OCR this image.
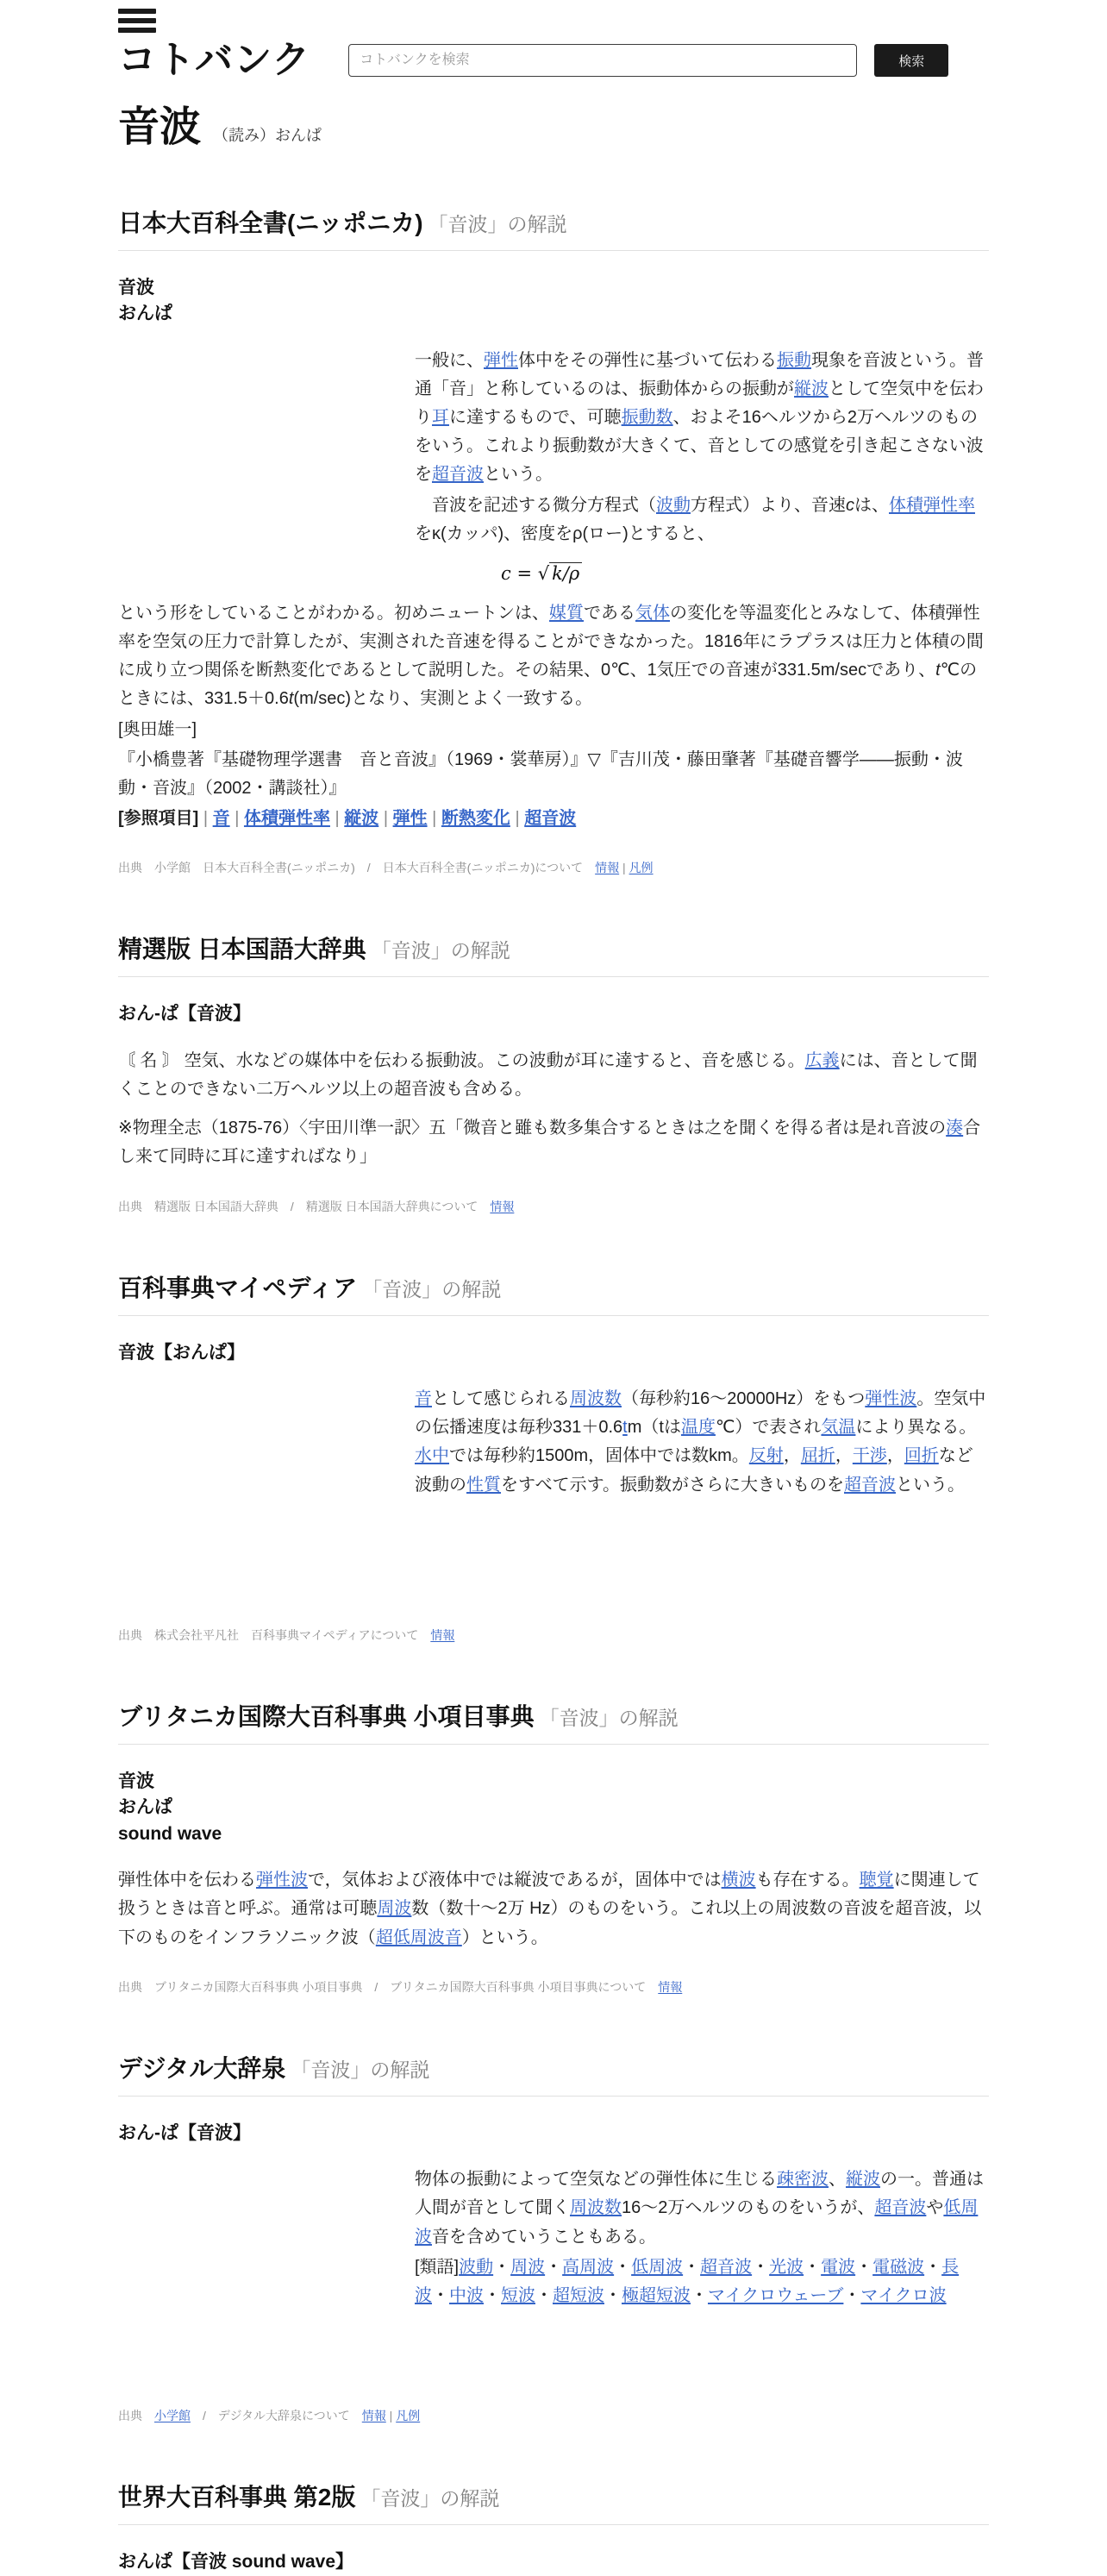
コトバンク
コトバンクを検索	検索
音波 （読み）おんぱ
日本大百科全書(ニッポニカ) 「音波」の解説
音波
おんぱ

一般に、弾性体中をその弾性に基づいて伝わる振動現象を音波という。普通「音」と称しているのは、振動体からの振動が縦波として空気中を伝わり耳に達するもので、可聴振動数、およそ16ヘルツから2万ヘルツのものをいう。これより振動数が大きくて、音としての感覚を引き起こさない波を超音波という。

　音波を記述する微分方程式（波動方程式）より、音速cは、体積弾性率をκ(カッパ)、密度をρ(ロー)とすると、

c = √ k/ρ

という形をしていることがわかる。初めニュートンは、媒質である気体の変化を等温変化とみなして、体積弾性率を空気の圧力で計算したが、実測された音速を得ることができなかった。1816年にラプラスは圧力と体積の間に成り立つ関係を断熱変化であるとして説明した。その結果、0℃、1気圧での音速が331.5m/secであり、t℃のときには、331.5＋0.6t(m/sec)となり、実測とよく一致する。

[奥田雄一]

『小橋豊著『基礎物理学選書　音と音波』（1969・裳華房）』▽『吉川茂・藤田肇著『基礎音響学――振動・波動・音波』（2002・講談社）』

[参照項目] | 音 | 体積弾性率 | 縦波 | 弾性 | 断熱変化 | 超音波

出典　小学館　日本大百科全書(ニッポニカ)　/　日本大百科全書(ニッポニカ)について　情報 | 凡例
精選版 日本国語大辞典 「音波」の解説
おん-ぱ【音波】

〘 名 〙 空気、水などの媒体中を伝わる振動波。この波動が耳に達すると、音を感じる。広義には、音として聞くことのできない二万ヘルツ以上の超音波も含める。

※物理全志（1875‐76）〈宇田川準一訳〉五「微音と雖も数多集合するときは之を聞くを得る者は是れ音波の湊合し来て同時に耳に達すればなり」

出典　精選版 日本国語大辞典　/　精選版 日本国語大辞典について　情報
百科事典マイペディア 「音波」の解説
音波【おんぱ】

音として感じられる周波数（毎秒約16〜20000Hz）をもつ弾性波。空気中の伝播速度は毎秒331＋0.6tm（tは温度℃）で表され気温により異なる。水中では毎秒約1500m，固体中では数km。反射，屈折，干渉，回折など波動の性質をすべて示す。振動数がさらに大きいものを超音波という。

出典　株式会社平凡社　百科事典マイペディアについて　情報
ブリタニカ国際大百科事典 小項目事典 「音波」の解説
音波
おんぱ
sound wave

弾性体中を伝わる弾性波で，気体および液体中では縦波であるが，固体中では横波も存在する。聴覚に関連して扱うときは音と呼ぶ。通常は可聴周波数（数十～2万 Hz）のものをいう。これ以上の周波数の音波を超音波，以下のものをインフラソニック波（超低周波音）という。

出典　ブリタニカ国際大百科事典 小項目事典　/　ブリタニカ国際大百科事典 小項目事典について　情報
デジタル大辞泉 「音波」の解説
おん-ぱ【音波】

物体の振動によって空気などの弾性体に生じる疎密波、縦波の一。普通は人間が音として聞く周波数16～2万ヘルツのものをいうが、超音波や低周波音を含めていうこともある。

[類語]波動・周波・高周波・低周波・超音波・光波・電波・電磁波・長波・中波・短波・超短波・極超短波・マイクロウェーブ・マイクロ波

出典　小学館　/　デジタル大辞泉について　情報 | 凡例
世界大百科事典 第2版 「音波」の解説
おんぱ【音波 sound wave】
